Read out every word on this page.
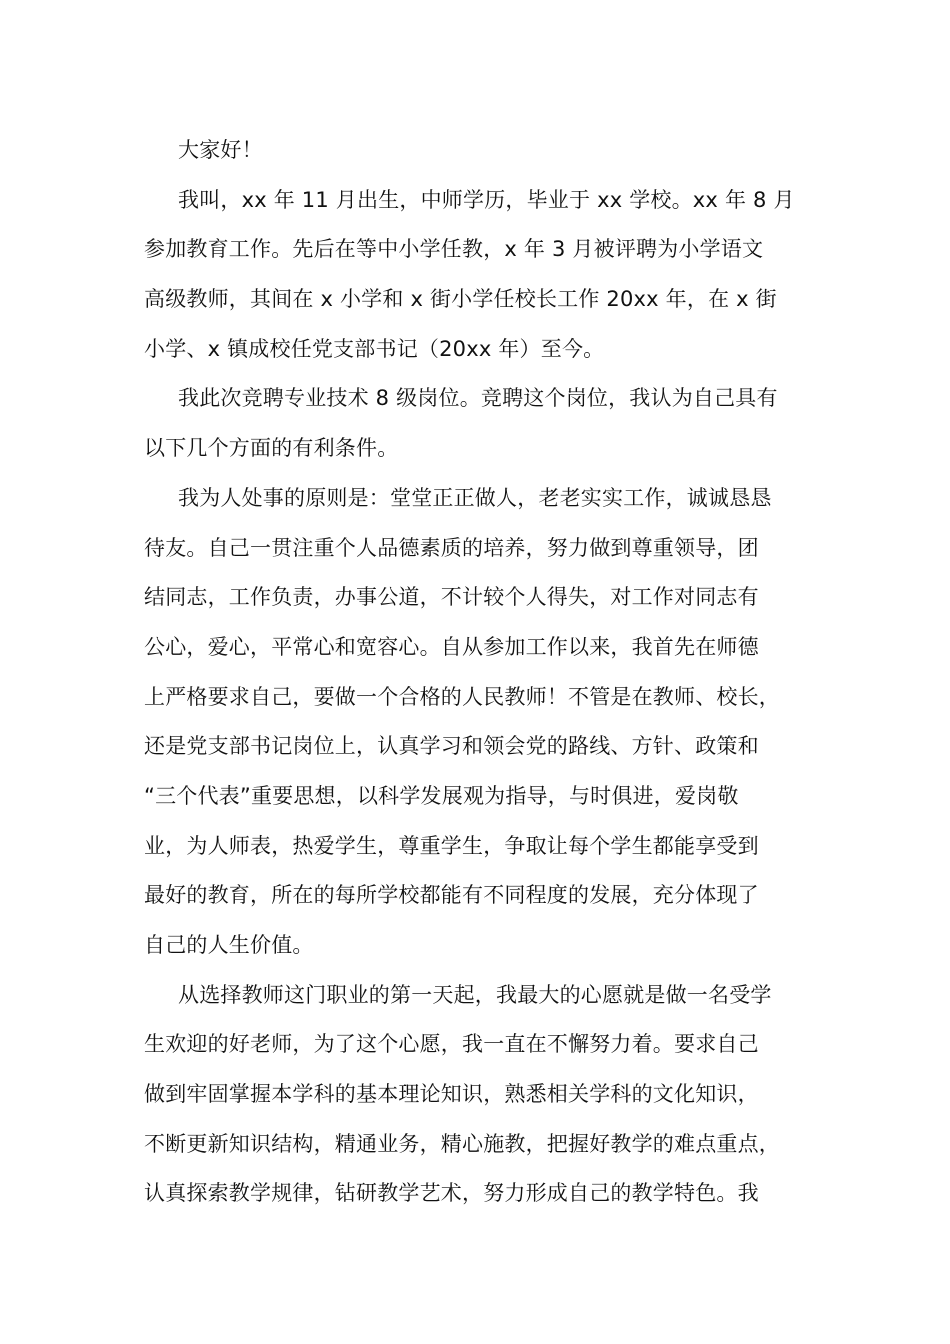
大家好！
我叫，xx 年 11 月出生，中师学历，毕业于 xx 学校。xx 年 8 月
参加教育工作。先后在等中小学任教，x 年 3 月被评聘为小学语文
高级教师，其间在 x 小学和 x 街小学任校长工作 20xx 年，在 x 街
小学、x 镇成校任党支部书记（20xx 年）至今。
我此次竞聘专业技术 8 级岗位。竞聘这个岗位，我认为自己具有
以下几个方面的有利条件。
我为人处事的原则是：堂堂正正做人，老老实实工作，诚诚恳恳
待友。自己一贯注重个人品德素质的培养，努力做到尊重领导，团
结同志，工作负责，办事公道，不计较个人得失，对工作对同志有
公心，爱心，平常心和宽容心。自从参加工作以来，我首先在师德
上严格要求自己，要做一个合格的人民教师！不管是在教师、校长，
还是党支部书记岗位上，认真学习和领会党的路线、方针、政策和
“三个代表”重要思想，以科学发展观为指导，与时俱进，爱岗敬
业，为人师表，热爱学生，尊重学生，争取让每个学生都能享受到
最好的教育，所在的每所学校都能有不同程度的发展，充分体现了
自己的人生价值。
从选择教师这门职业的第一天起，我最大的心愿就是做一名受学
生欢迎的好老师，为了这个心愿，我一直在不懈努力着。要求自己
做到牢固掌握本学科的基本理论知识，熟悉相关学科的文化知识，
不断更新知识结构，精通业务，精心施教，把握好教学的难点重点，
认真探索教学规律，钻研教学艺术，努力形成自己的教学特色。我
